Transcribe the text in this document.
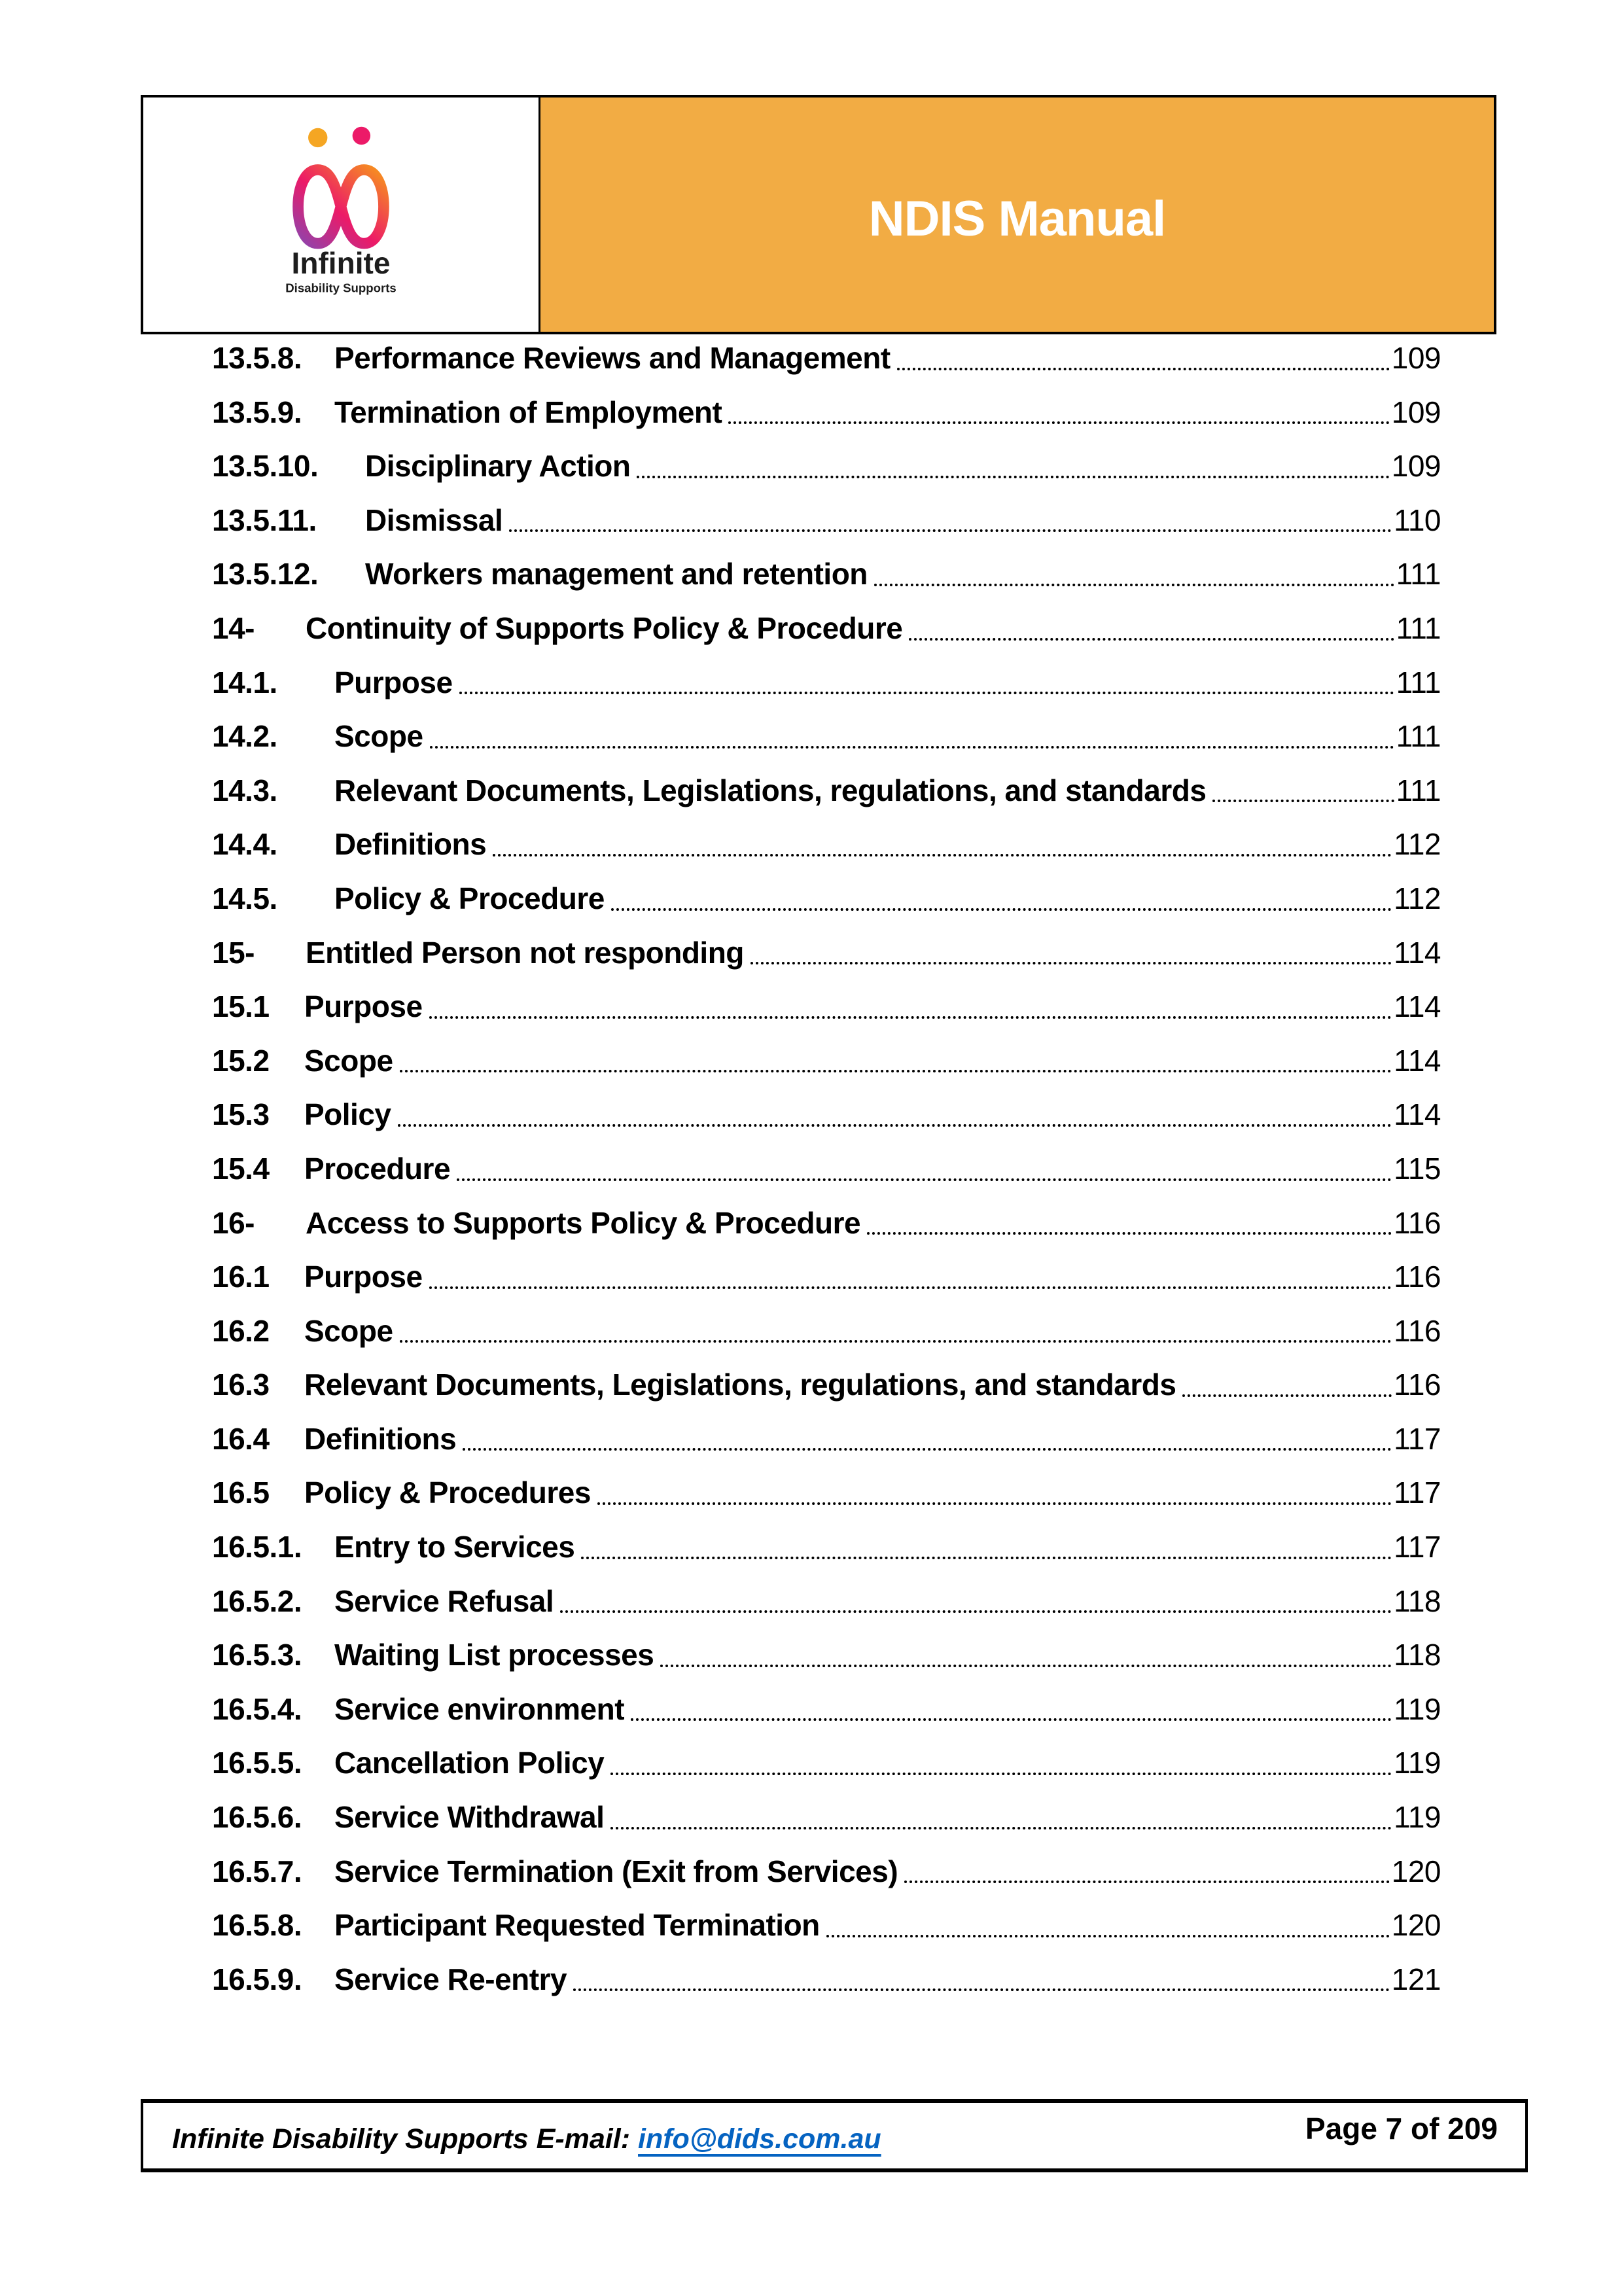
Infinite
Disability Supports
NDIS Manual
13.5.8.	Performance Reviews and Management	109
13.5.9.	Termination of Employment	109
13.5.10.	Disciplinary Action	109
13.5.11.	Dismissal	110
13.5.12.	Workers management and retention	111
14-	Continuity of Supports Policy & Procedure	111
14.1.	Purpose	111
14.2.	Scope	111
14.3.	Relevant Documents, Legislations, regulations, and standards	111
14.4.	Definitions	112
14.5.	Policy & Procedure	112
15-	Entitled Person not responding	114
15.1	Purpose	114
15.2	Scope	114
15.3	Policy	114
15.4	Procedure	115
16-	Access to Supports Policy & Procedure	116
16.1	Purpose	116
16.2	Scope	116
16.3	Relevant Documents, Legislations, regulations, and standards	116
16.4	Definitions	117
16.5	Policy & Procedures	117
16.5.1.	Entry to Services	117
16.5.2.	Service Refusal	118
16.5.3.	Waiting List processes	118
16.5.4.	Service environment	119
16.5.5.	Cancellation Policy	119
16.5.6.	Service Withdrawal	119
16.5.7.	Service Termination (Exit from Services)	120
16.5.8.	Participant Requested Termination	120
16.5.9.	Service Re-entry	121
Infinite Disability Supports E-mail: info@dids.com.au	Page 7 of 209
